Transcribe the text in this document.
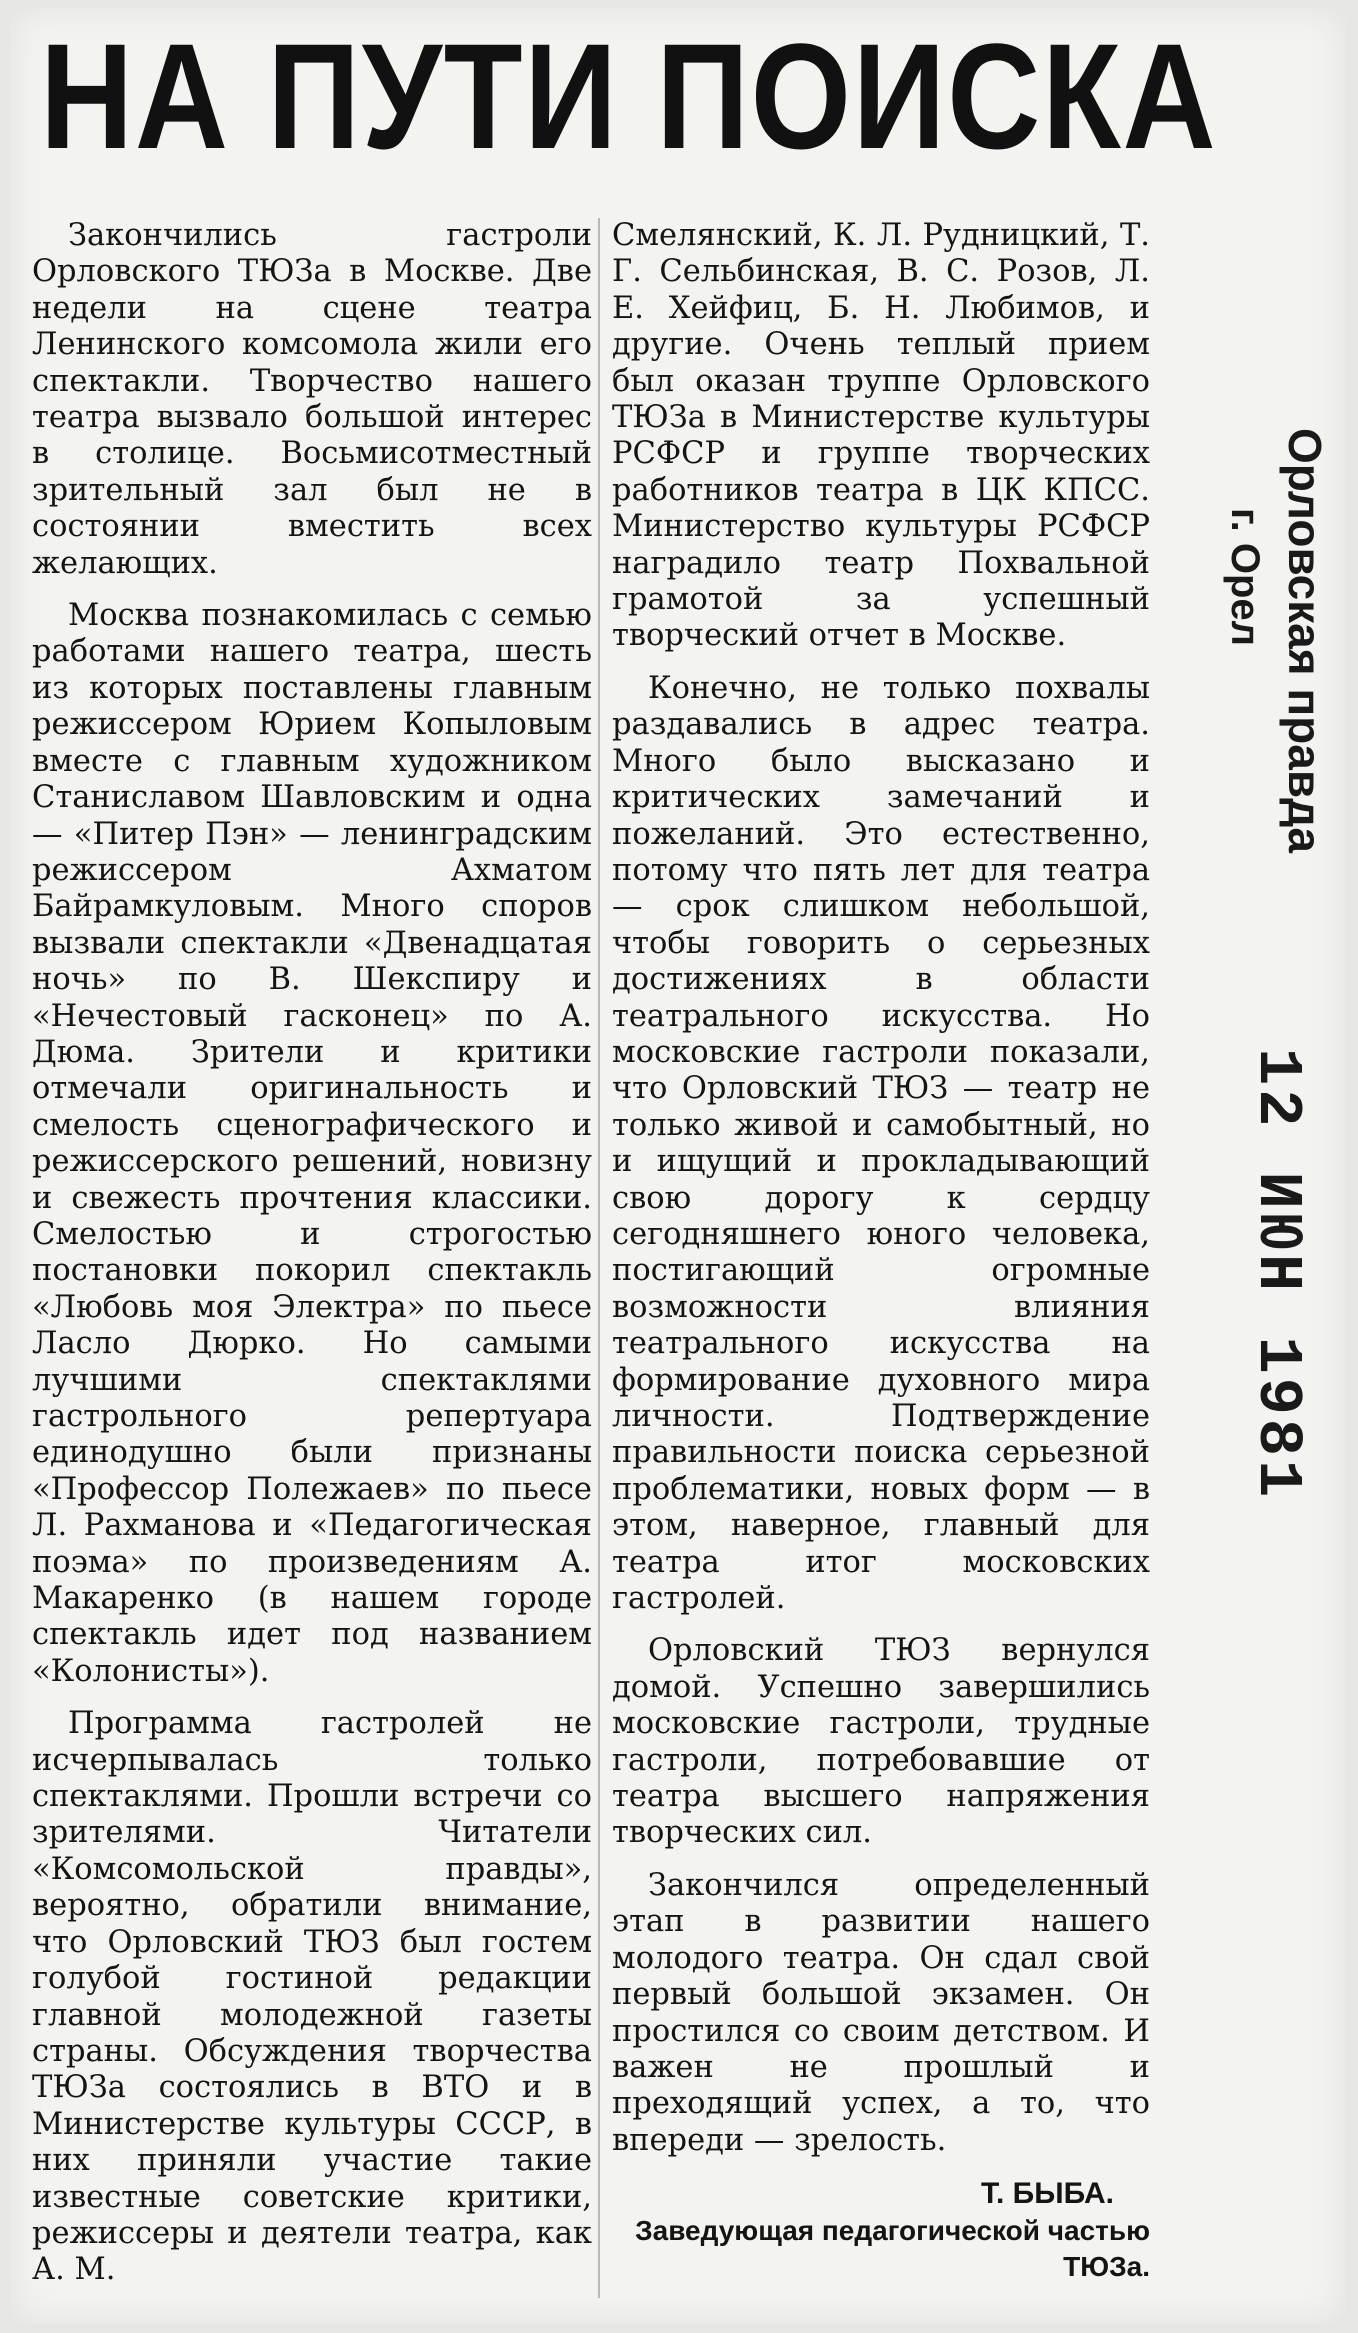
НА ПУТИ ПОИСКА

Закончились гастроли Орловского ТЮЗа в Москве. Две недели на сцене театра Ленинского комсомола жили его спектакли. Творчество нашего театра вызвало большой интерес в столице. Восьмисотместный зрительный зал был не в состоянии вместить всех желающих.

Москва познакомилась с семью работами нашего театра, шесть из которых поставлены главным режиссером Юрием Копыловым вместе с главным художником Станиславом Шавловским и одна — «Питер Пэн» — ленинградским режиссером Ахматом Байрамкуловым. Много споров вызвали спектакли «Двенадцатая ночь» по В. Шекспиру и «Нечестовый гасконец» по А. Дюма. Зрители и критики отмечали оригинальность и смелость сценографического и режиссерского решений, новизну и свежесть прочтения классики. Смелостью и строгостью постановки покорил спектакль «Любовь моя Электра» по пьесе Ласло Дюрко. Но самыми лучшими спектаклями гастрольного репертуара единодушно были признаны «Профессор Полежаев» по пьесе Л. Рахманова и «Педагогическая поэма» по произведениям А. Макаренко (в нашем городе спектакль идет под названием «Колонисты»).

Программа гастролей не исчерпывалась только спектаклями. Прошли встречи со зрителями. Читатели «Комсомольской правды», вероятно, обратили внимание, что Орловский ТЮЗ был гостем голубой гостиной редакции главной молодежной газеты страны. Обсуждения творчества ТЮЗа состоялись в ВТО и в Министерстве культуры СССР, в них приняли участие такие известные советские критики, режиссеры и деятели театра, как А. М.

Смелянский, К. Л. Рудницкий, Т. Г. Сельбинская, В. С. Розов, Л. Е. Хейфиц, Б. Н. Любимов, и другие. Очень теплый прием был оказан труппе Орловского ТЮЗа в Министерстве культуры РСФСР и группе творческих работников театра в ЦК КПСС. Министерство культуры РСФСР наградило театр Похвальной грамотой за успешный творческий отчет в Москве.

Конечно, не только похвалы раздавались в адрес театра. Много было высказано и критических замечаний и пожеланий. Это естественно, потому что пять лет для театра — срок слишком небольшой, чтобы говорить о серьезных достижениях в области театрального искусства. Но московские гастроли показали, что Орловский ТЮЗ — театр не только живой и самобытный, но и ищущий и прокладывающий свою дорогу к сердцу сегодняшнего юного человека, постигающий огромные возможности влияния театрального искусства на формирование духовного мира личности. Подтверждение правильности поиска серьезной проблематики, новых форм — в этом, наверное, главный для театра итог московских гастролей.

Орловский ТЮЗ вернулся домой. Успешно завершились московские гастроли, трудные гастроли, потребовавшие от театра высшего напряжения творческих сил.

Закончился определенный этап в развитии нашего молодого театра. Он сдал свой первый большой экзамен. Он простился со своим детством. И важен не прошлый и преходящий успех, а то, что впереди — зрелость.

Т. БЫБА.
Заведующая педагогической частью ТЮЗа.
Орловская правда
г. Орел
12 ИЮН 1981
